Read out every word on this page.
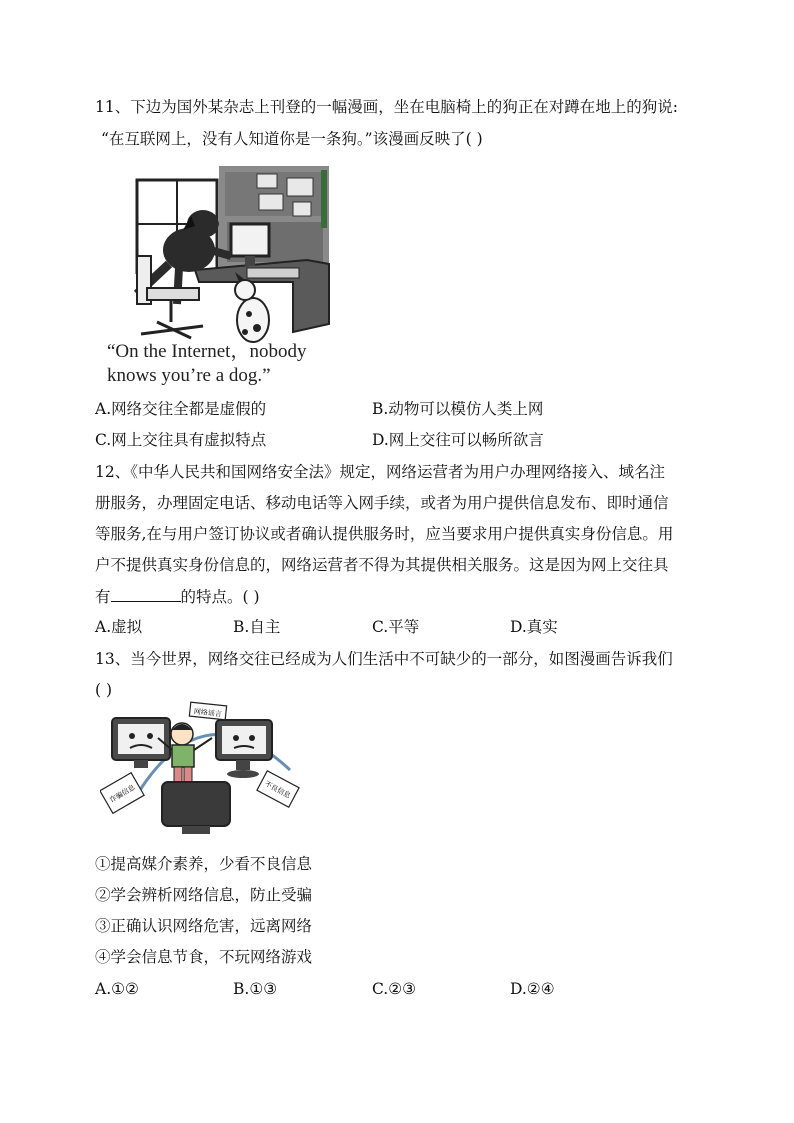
11、下边为国外某杂志上刊登的一幅漫画，坐在电脑椅上的狗正在对蹲在地上的狗说:
“在互联网上，没有人知道你是一条狗。”该漫画反映了( )
“On the Internet，nobody
knows you’re a dog.”
A.网络交往全都是虚假的	B.动物可以模仿人类上网
C.网上交往具有虚拟特点	D.网上交往可以畅所欲言
12、《中华人民共和国网络安全法》规定，网络运营者为用户办理网络接入、域名注
册服务，办理固定电话、移动电话等入网手续，或者为用户提供信息发布、即时通信
等服务,在与用户签订协议或者确认提供服务时，应当要求用户提供真实身份信息。用
户不提供真实身份信息的，网络运营者不得为其提供相关服务。这是因为网上交往具
有	的特点。( )
A.虚拟	B.自主	C.平等	D.真实
13、当今世界，网络交往已经成为人们生活中不可缺少的一部分，如图漫画告诉我们
( )
网络谣言
诈骗信息	不良信息
①提高媒介素养，少看不良信息
②学会辨析网络信息，防止受骗
③正确认识网络危害，远离网络
④学会信息节食，不玩网络游戏
A.①②	B.①③	C.②③	D.②④
